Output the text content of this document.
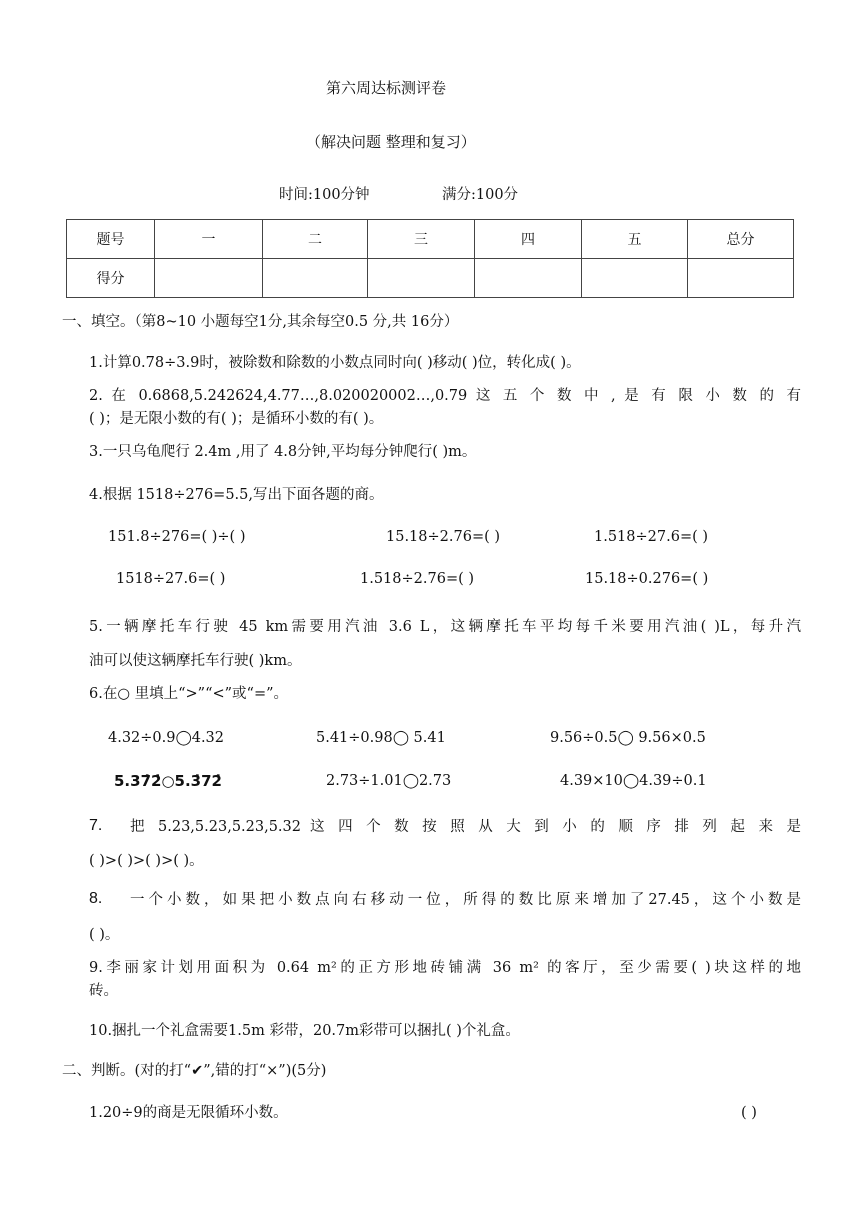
第六周达标测评卷
（解决问题 整理和复习）
时间:100分钟	满分:100分
题号	一	二	三	四	五	总分
得分						
一、填空。（第8~10 小题每空1分,其余每空0.5 分,共 16分）
1.计算0.78÷3.9时，被除数和除数的小数点同时向( )移动( )位，转化成( )。
2. 在 0.6868,5.242624,4.77…,8.020020002…,0.79 这 五 个 数 中 , 是 有 限 小 数 的 有
( )；是无限小数的有( )；是循环小数的有( )。
3.一只乌龟爬行 2.4m ,用了 4.8分钟,平均每分钟爬行( )m。
4.根据 1518÷276=5.5,写出下面各题的商。
151.8÷276=( )÷( )	15.18÷2.76=( )	1.518÷27.6=( )
1518÷27.6=( )	1.518÷2.76=( )	15.18÷0.276=( )
5.一辆摩托车行驶 45 km需要用汽油 3.6 L，这辆摩托车平均每千米要用汽油( )L，每升汽
油可以使这辆摩托车行驶( )km。
6.在○ 里填上“>”“<”或“=”。
4.32÷0.9◯4.32	5.41÷0.98◯ 5.41	9.56÷0.5◯ 9.56×0.5
5.37̇2̇○5.3̇72̇	2.73÷1.01◯2.73	4.39×10◯4.39÷0.1
7. 把 5.23,5.23,5.23,5.32 这 四 个 数 按 照 从 大 到 小 的 顺 序 排 列 起 来 是
( )>( )>( )>( )。
8. 一个小数，如果把小数点向右移动一位，所得的数比原来增加了27.45，这个小数是
( )。
9.李丽家计划用面积为 0.64 m²的正方形地砖铺满 36 m² 的客厅，至少需要( )块这样的地
砖。
10.捆扎一个礼盒需要1.5m 彩带，20.7m彩带可以捆扎( )个礼盒。
二、判断。(对的打“✔”,错的打“×”)(5分)
1.20÷9的商是无限循环小数。	( )
